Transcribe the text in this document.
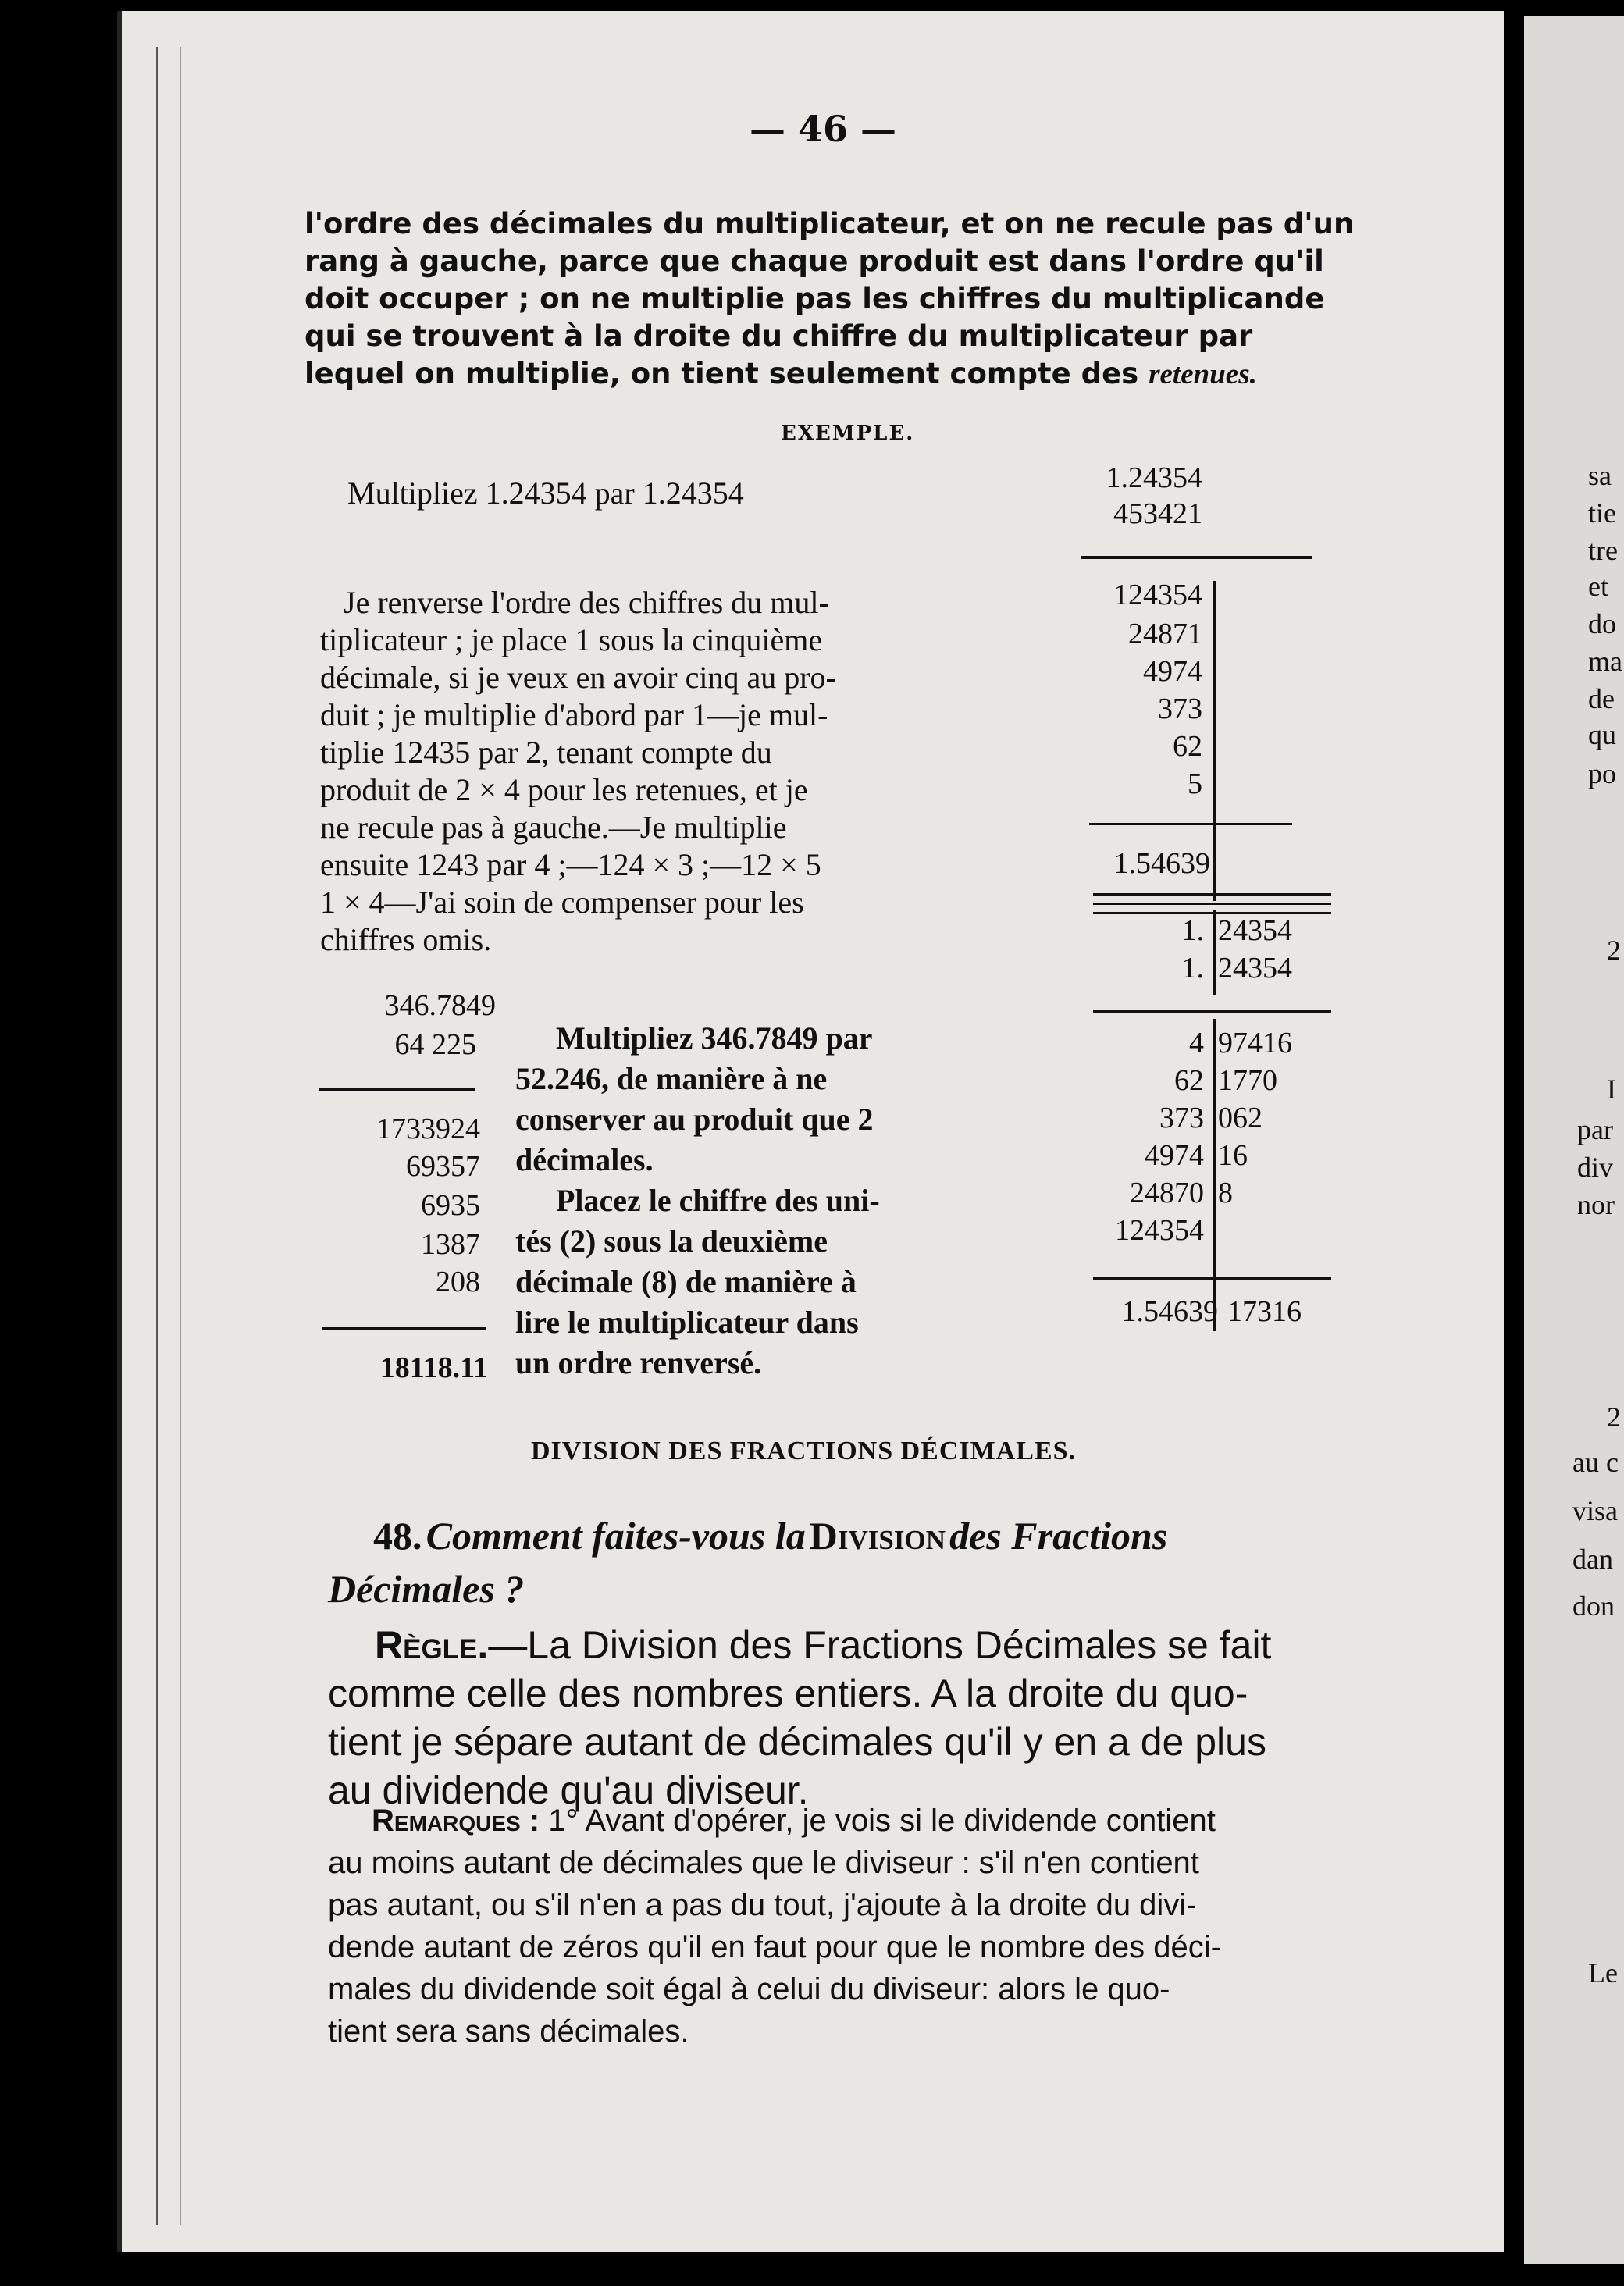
— 46 —
l'ordre des décimales du multiplicateur, et on ne recule pas d'un
rang à gauche, parce que chaque produit est dans l'ordre qu'il
doit occuper ; on ne multiplie pas les chiffres du multiplicande
qui se trouvent à la droite du chiffre du multiplicateur par
lequel on multiplie, on tient seulement compte des retenues.
EXEMPLE.
Multipliez 1.24354 par 1.24354
Je renverse l'ordre des chiffres du mul-
tiplicateur ; je place 1 sous la cinquième
décimale, si je veux en avoir cinq au pro-
duit ; je multiplie d'abord par 1—je mul-
tiplie 12435 par 2, tenant compte du
produit de 2 × 4 pour les retenues, et je
ne recule pas à gauche.—Je multiplie
ensuite 1243 par 4 ;—124 × 3 ;—12 × 5
1 × 4—J'ai soin de compenser pour les
chiffres omis.
1.24354
453421
124354
24871
4974
373
62
5
1.54639
1. 24354
1. 24354
4 97416
62 1770
373 062
4974 16
24870 8
124354
1.54639 17316
346.7849
64 225
1733924
69357
6935
1387
208
18118.11
Multipliez 346.7849 par
52.246, de manière à ne
conserver au produit que 2
décimales.
Placez le chiffre des uni-
tés (2) sous la deuxième
décimale (8) de manière à
lire le multiplicateur dans
un ordre renversé.
DIVISION DES FRACTIONS DÉCIMALES.
48. Comment faites-vous la Division des Fractions
Décimales ?
Règle.—La Division des Fractions Décimales se fait
comme celle des nombres entiers. A la droite du quo-
tient je sépare autant de décimales qu'il y en a de plus
au dividende qu'au diviseur.
Remarques : 1° Avant d'opérer, je vois si le dividende contient
au moins autant de décimales que le diviseur : s'il n'en contient
pas autant, ou s'il n'en a pas du tout, j'ajoute à la droite du divi-
dende autant de zéros qu'il en faut pour que le nombre des déci-
males du dividende soit égal à celui du diviseur: alors le quo-
tient sera sans décimales.
sa
tie
tre
et
do
ma
de
qu
po
2
I
par
div
nor
2
au c
visa
dan
don
Le
